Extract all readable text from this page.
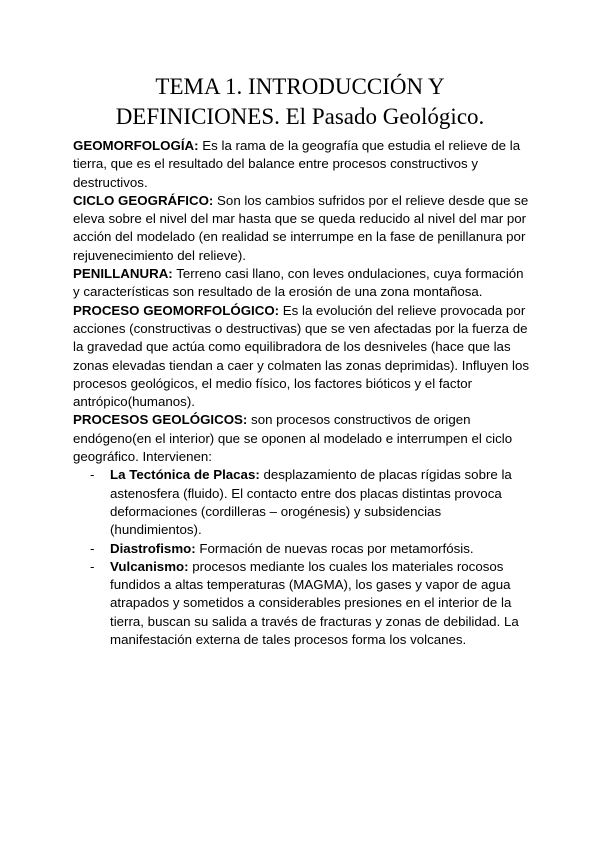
TEMA 1. INTRODUCCIÓN Y
DEFINICIONES. El Pasado Geológico.

GEOMORFOLOGÍA: Es la rama de la geografía que estudia el relieve de la tierra, que es el resultado del balance entre procesos constructivos y destructivos.

CICLO GEOGRÁFICO: Son los cambios sufridos por el relieve desde que se eleva sobre el nivel del mar hasta que se queda reducido al nivel del mar por acción del modelado (en realidad se interrumpe en la fase de penillanura por rejuvenecimiento del relieve).

PENILLANURA: Terreno casi llano, con leves ondulaciones, cuya formación y características son resultado de la erosión de una zona montañosa.

PROCESO GEOMORFOLÓGICO: Es la evolución del relieve provocada por acciones (constructivas o destructivas) que se ven afectadas por la fuerza de la gravedad que actúa como equilibradora de los desniveles (hace que las zonas elevadas tiendan a caer y colmaten las zonas deprimidas). Influyen los procesos geológicos, el medio físico, los factores bióticos y el factor antrópico(humanos).

PROCESOS GEOLÓGICOS: son procesos constructivos de origen endógeno(en el interior) que se oponen al modelado e interrumpen el ciclo geográfico. Intervienen:

- La Tectónica de Placas: desplazamiento de placas rígidas sobre la astenosfera (fluido). El contacto entre dos placas distintas provoca deformaciones (cordilleras – orogénesis) y subsidencias (hundimientos).
- Diastrofismo: Formación de nuevas rocas por metamorfósis.
- Vulcanismo: procesos mediante los cuales los materiales rocosos fundidos a altas temperaturas (MAGMA), los gases y vapor de agua atrapados y sometidos a considerables presiones en el interior de la tierra, buscan su salida a través de fracturas y zonas de debilidad. La manifestación externa de tales procesos forma los volcanes.
